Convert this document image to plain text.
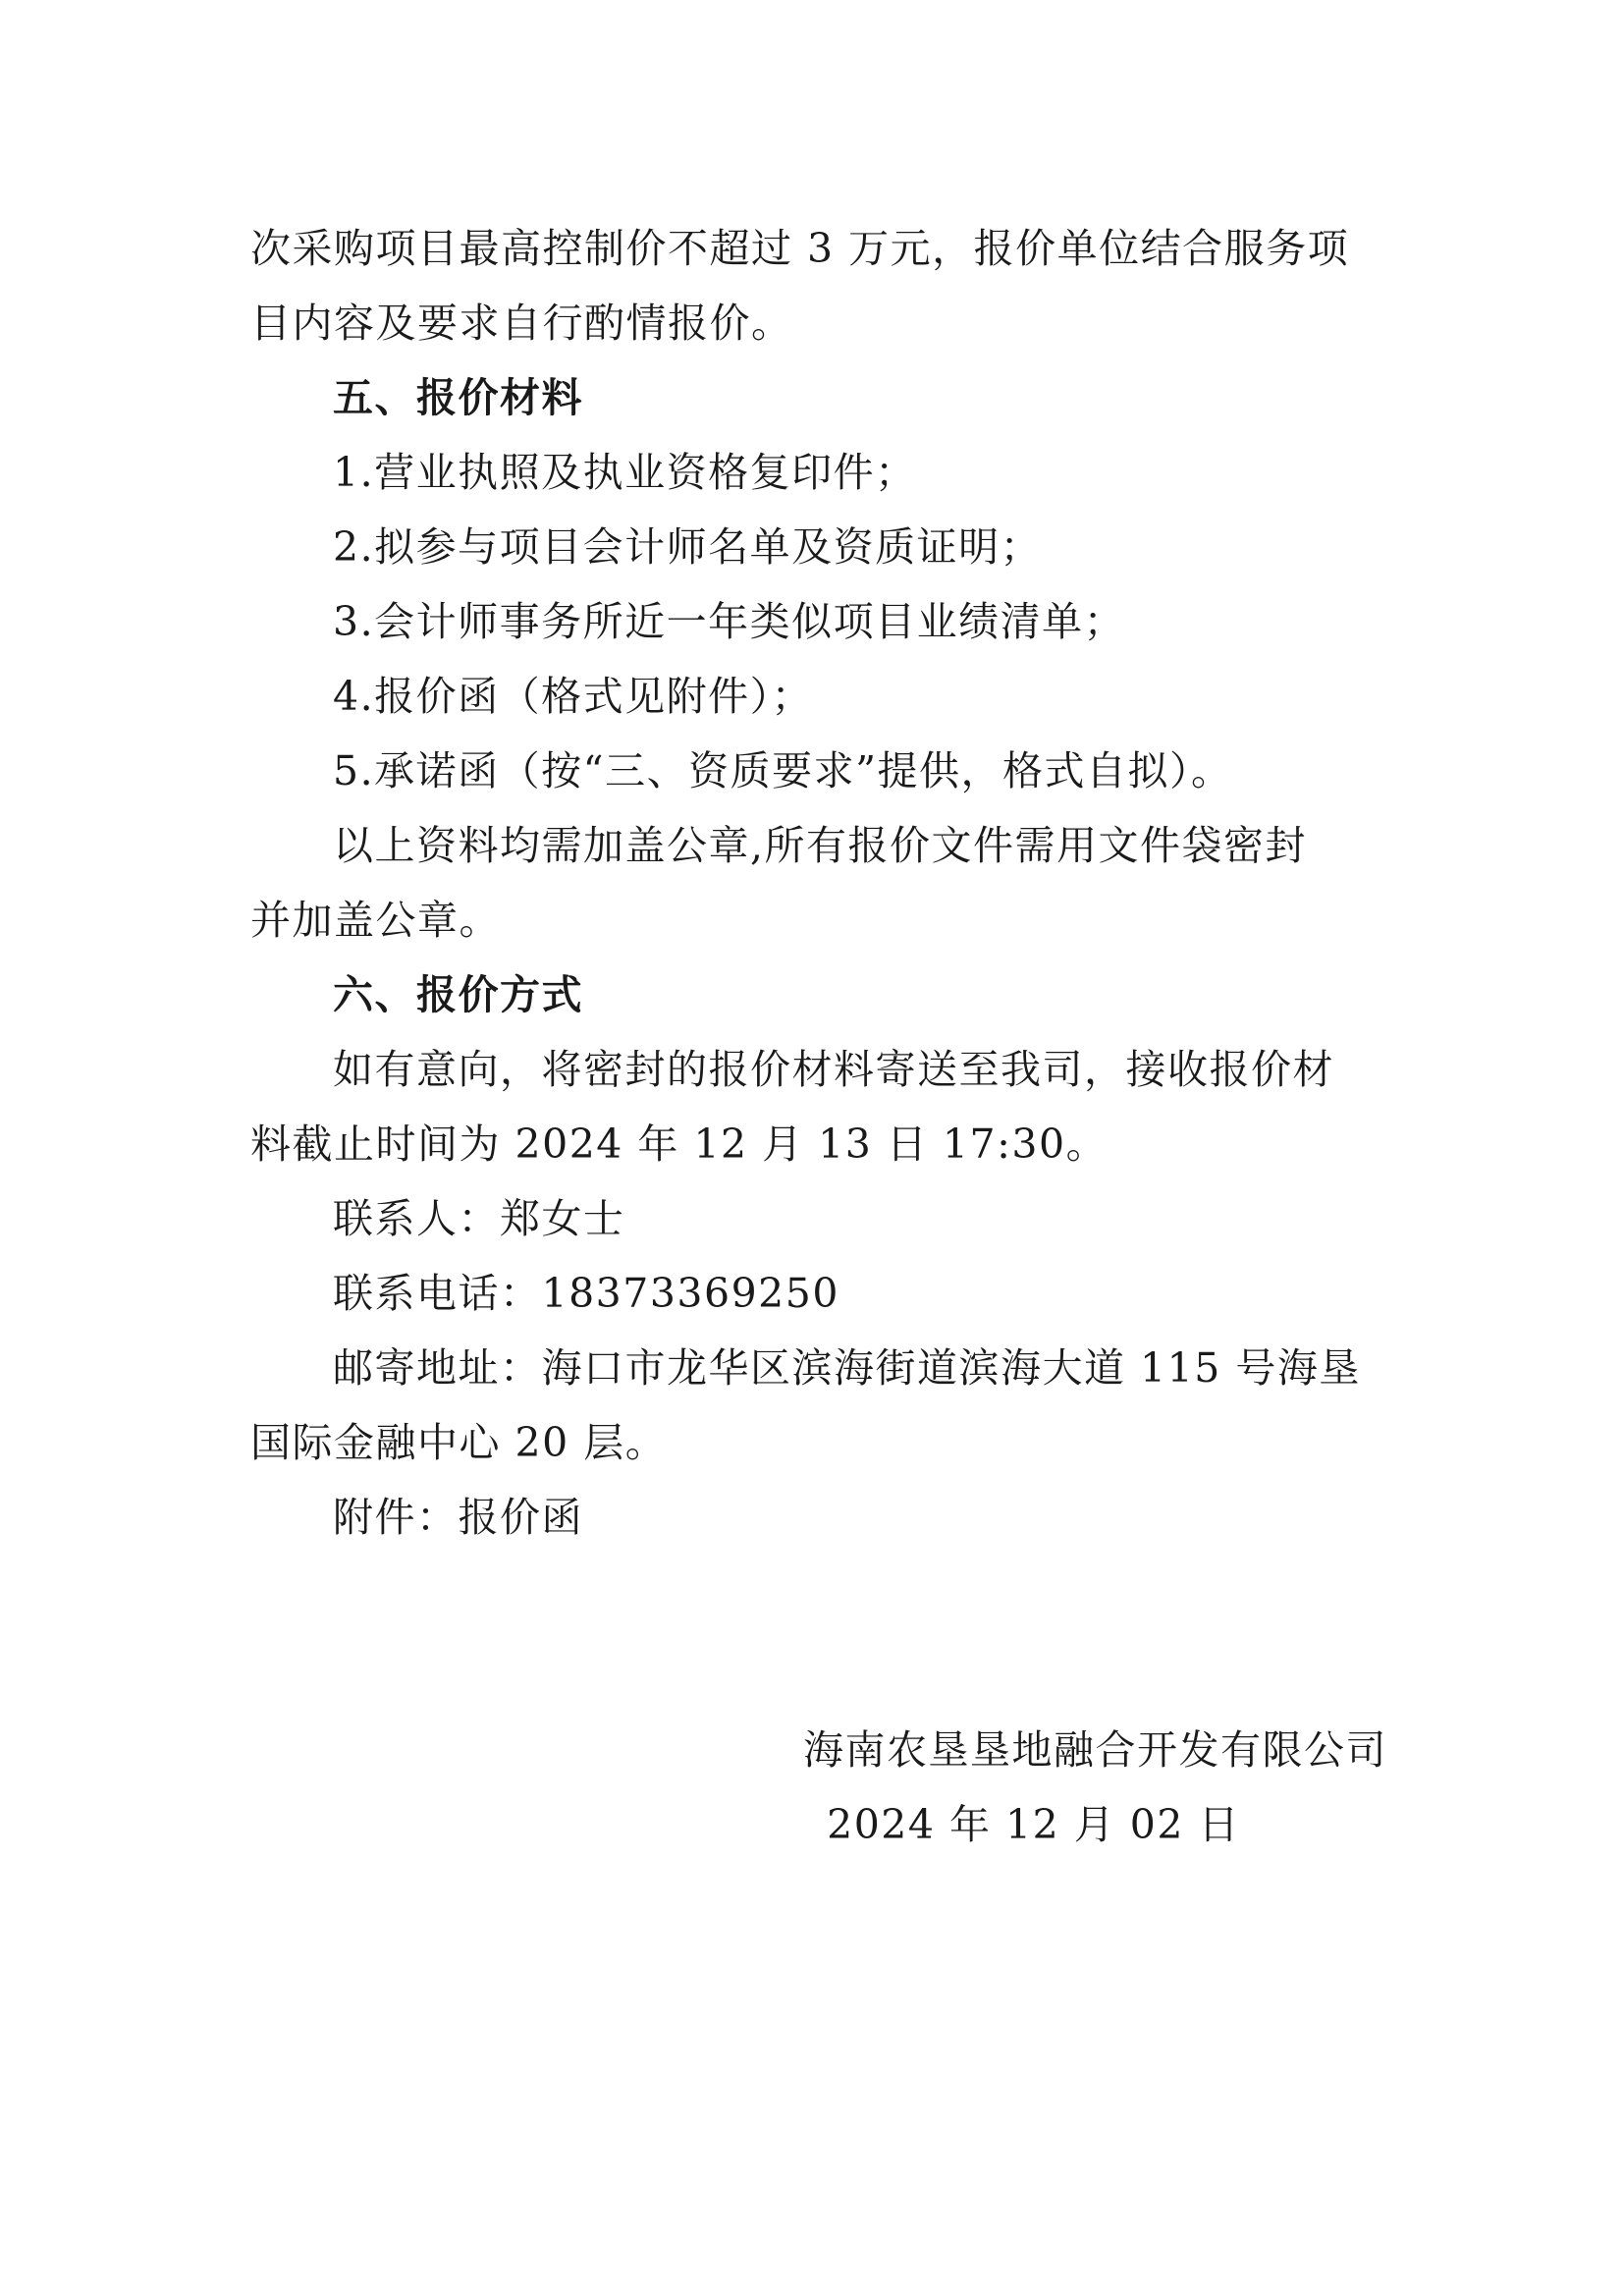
次采购项目最高控制价不超过 3 万元，报价单位结合服务项
目内容及要求自行酌情报价。

五、报价材料

1.营业执照及执业资格复印件；

2.拟参与项目会计师名单及资质证明；

3.会计师事务所近一年类似项目业绩清单；

4.报价函（格式见附件）；

5.承诺函（按“三、资质要求”提供，格式自拟）。

以上资料均需加盖公章,所有报价文件需用文件袋密封
并加盖公章。

六、报价方式

如有意向，将密封的报价材料寄送至我司，接收报价材
料截止时间为 2024 年 12 月 13 日 17:30。

联系人：郑女士

联系电话：18373369250

邮寄地址：海口市龙华区滨海街道滨海大道 115 号海垦
国际金融中心 20 层。

附件：报价函

海南农垦垦地融合开发有限公司

2024 年 12 月 02 日
